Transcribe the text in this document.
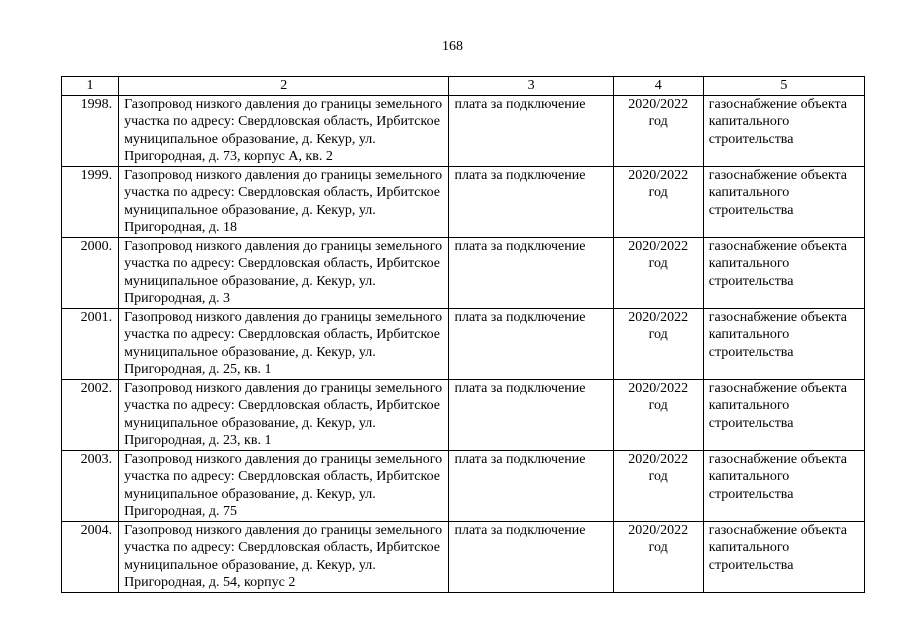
168
1	2	3	4	5
1998.	Газопровод низкого давления до границы земельного участка по адресу: Свердловская область, Ирбитское муниципальное образование, д. Кекур, ул. Пригородная, д. 73, корпус А, кв. 2	плата за подключение	2020/2022 год	газоснабжение объекта капитального строительства
1999.	Газопровод низкого давления до границы земельного участка по адресу: Свердловская область, Ирбитское муниципальное образование, д. Кекур, ул. Пригородная, д. 18	плата за подключение	2020/2022 год	газоснабжение объекта капитального строительства
2000.	Газопровод низкого давления до границы земельного участка по адресу: Свердловская область, Ирбитское муниципальное образование, д. Кекур, ул. Пригородная, д. 3	плата за подключение	2020/2022 год	газоснабжение объекта капитального строительства
2001.	Газопровод низкого давления до границы земельного участка по адресу: Свердловская область, Ирбитское муниципальное образование, д. Кекур, ул. Пригородная, д. 25, кв. 1	плата за подключение	2020/2022 год	газоснабжение объекта капитального строительства
2002.	Газопровод низкого давления до границы земельного участка по адресу: Свердловская область, Ирбитское муниципальное образование, д. Кекур, ул. Пригородная, д. 23, кв. 1	плата за подключение	2020/2022 год	газоснабжение объекта капитального строительства
2003.	Газопровод низкого давления до границы земельного участка по адресу: Свердловская область, Ирбитское муниципальное образование, д. Кекур, ул. Пригородная, д. 75	плата за подключение	2020/2022 год	газоснабжение объекта капитального строительства
2004.	Газопровод низкого давления до границы земельного участка по адресу: Свердловская область, Ирбитское муниципальное образование, д. Кекур, ул. Пригородная, д. 54, корпус 2	плата за подключение	2020/2022 год	газоснабжение объекта капитального строительства
